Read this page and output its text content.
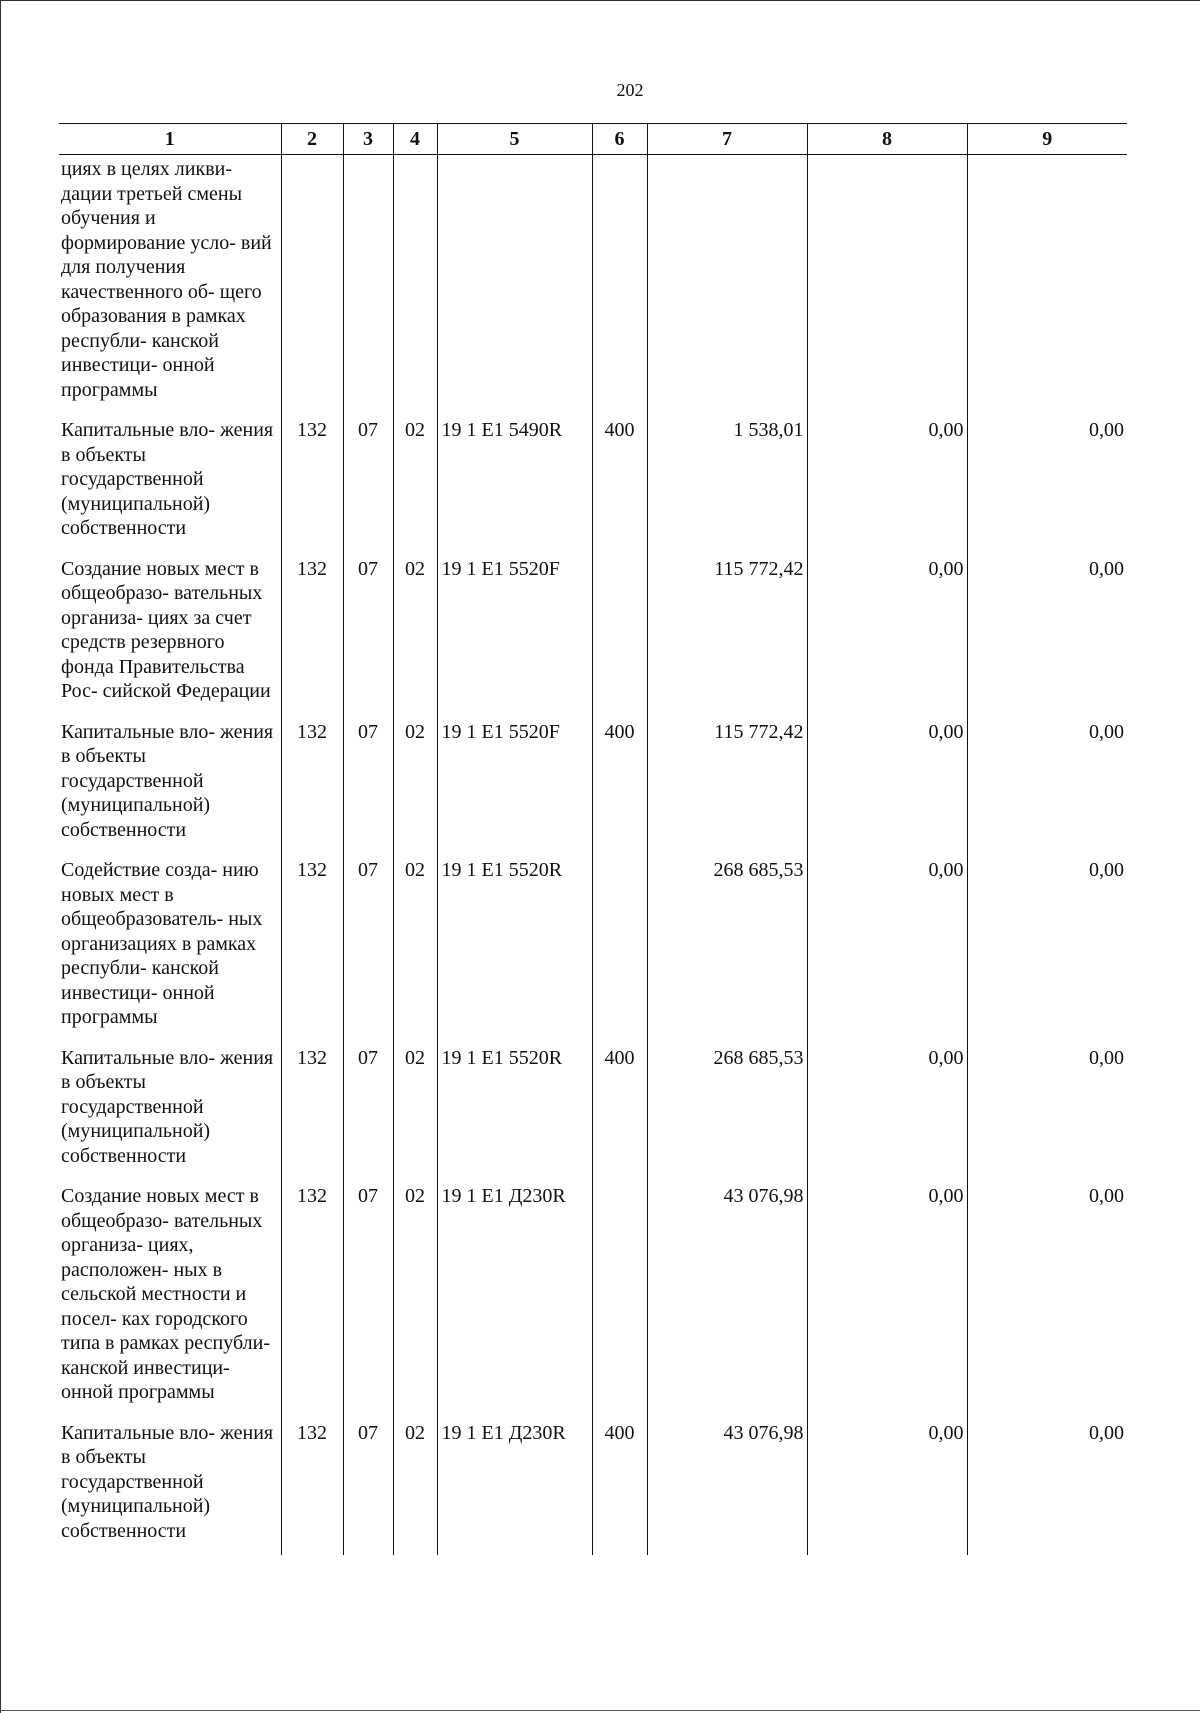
202
1	2	3	4	5	6	7	8	9
циях в целях ликви- дации третьей смены обучения и формирование усло- вий для получения качественного об- щего образования в рамках республи- канской инвестици- онной программы								

Капитальные вло- жения в объекты государственной (муниципальной) собственности	132	07	02	19 1 E1 5490R	400	1 538,01	0,00	0,00

Создание новых мест в общеобразо- вательных организа- циях за счет средств резервного фонда Правительства Рос- сийской Федерации	132	07	02	19 1 E1 5520F		115 772,42	0,00	0,00

Капитальные вло- жения в объекты государственной (муниципальной) собственности	132	07	02	19 1 E1 5520F	400	115 772,42	0,00	0,00

Содействие созда- нию новых мест в общеобразователь- ных организациях в рамках республи- канской инвестици- онной программы	132	07	02	19 1 E1 5520R		268 685,53	0,00	0,00

Капитальные вло- жения в объекты государственной (муниципальной) собственности	132	07	02	19 1 E1 5520R	400	268 685,53	0,00	0,00

Создание новых мест в общеобразо- вательных организа- циях, расположен- ных в сельской местности и посел- ках городского типа в рамках республи- канской инвестици- онной программы	132	07	02	19 1 E1 Д230R		43 076,98	0,00	0,00

Капитальные вло- жения в объекты государственной (муниципальной) собственности	132	07	02	19 1 E1 Д230R	400	43 076,98	0,00	0,00
